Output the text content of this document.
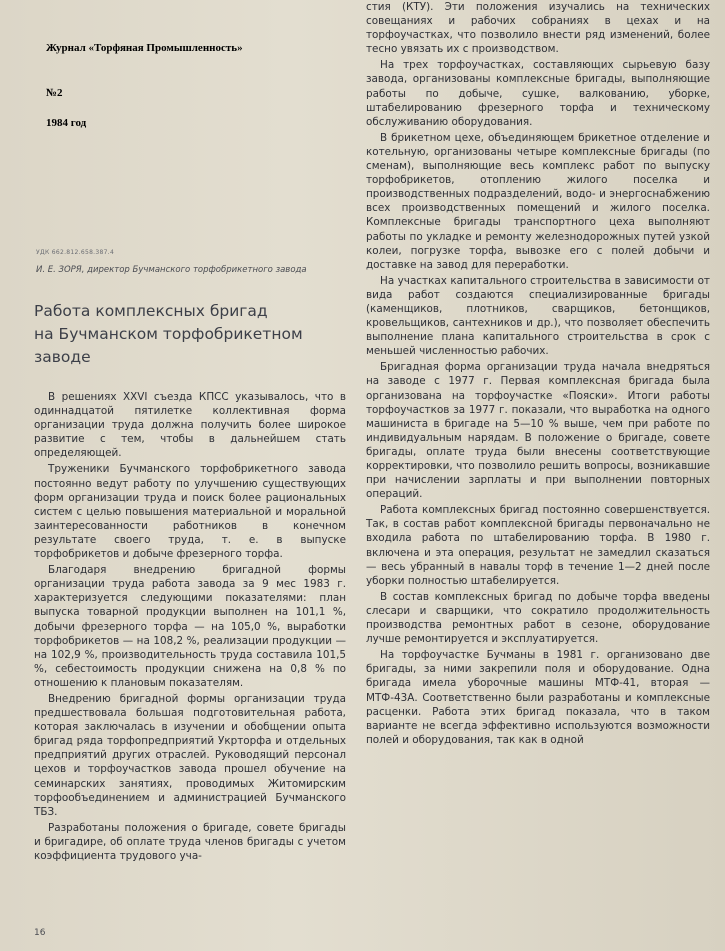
Журнал «Торфяная Промышленность»
№2
1984 год
УДК 662.812.658.387.4
И. Е. ЗОРЯ, директор Бучманского торфобрикетного завода
Работа комплексных бригад
на Бучманском торфобрикетном
заводе

В решениях XXVI съезда КПСС указывалось, что в одиннадцатой пятилетке коллективная форма организации труда должна получить более широкое развитие с тем, чтобы в дальнейшем стать определяющей.

Труженики Бучманского торфобрикетного завода постоянно ведут работу по улучшению существующих форм организации труда и поиск более рациональных систем с целью повышения материальной и моральной заинтересованности работников в конечном результате своего труда, т. е. в выпуске торфобрикетов и добыче фрезерного торфа.

Благодаря внедрению бригадной формы организации труда работа завода за 9 мес 1983 г. характеризуется следующими показателями: план выпуска товарной продукции выполнен на 101,1 %, добычи фрезерного торфа — на 105,0 %, выработки торфобрикетов — на 108,2 %, реализации продукции — на 102,9 %, производительность труда составила 101,5 %, себестоимость продукции снижена на 0,8 % по отношению к плановым показателям.

Внедрению бригадной формы организации труда предшествовала большая подготовительная работа, которая заключалась в изучении и обобщении опыта бригад ряда торфопредприятий Укрторфа и отдельных предприятий других отраслей. Руководящий персонал цехов и торфоучастков завода прошел обучение на семинарских занятиях, проводимых Житомирским торфообъединением и администрацией Бучманского ТБЗ.

Разработаны положения о бригаде, совете бригады и бригадире, об оплате труда членов бригады с учетом коэффициента трудового уча-

стия (КТУ). Эти положения изучались на технических совещаниях и рабочих собраниях в цехах и на торфоучастках, что позволило внести ряд изменений, более тесно увязать их с производством.

На трех торфоучастках, составляющих сырьевую базу завода, организованы комплексные бригады, выполняющие работы по добыче, сушке, валкованию, уборке, штабелированию фрезерного торфа и техническому обслуживанию оборудования.

В брикетном цехе, объединяющем брикетное отделение и котельную, организованы четыре комплексные бригады (по сменам), выполняющие весь комплекс работ по выпуску торфобрикетов, отоплению жилого поселка и производственных подразделений, водо- и энергоснабжению всех производственных помещений и жилого поселка. Комплексные бригады транспортного цеха выполняют работы по укладке и ремонту железнодорожных путей узкой колеи, погрузке торфа, вывозке его с полей добычи и доставке на завод для переработки.

На участках капитального строительства в зависимости от вида работ создаются специализированные бригады (каменщиков, плотников, сварщиков, бетонщиков, кровельщиков, сантехников и др.), что позволяет обеспечить выполнение плана капитального строительства в срок с меньшей численностью рабочих.

Бригадная форма организации труда начала внедряться на заводе с 1977 г. Первая комплексная бригада была организована на торфоучастке «Пояски». Итоги работы торфоучастков за 1977 г. показали, что выработка на одного машиниста в бригаде на 5—10 % выше, чем при работе по индивидуальным нарядам. В положение о бригаде, совете бригады, оплате труда были внесены соответствующие корректировки, что позволило решить вопросы, возникавшие при начислении зарплаты и при выполнении повторных операций.

Работа комплексных бригад постоянно совершенствуется. Так, в состав работ комплексной бригады первоначально не входила работа по штабелированию торфа. В 1980 г. включена и эта операция, результат не замедлил сказаться — весь убранный в навалы торф в течение 1—2 дней после уборки полностью штабелируется.

В состав комплексных бригад по добыче торфа введены слесари и сварщики, что сократило продолжительность производства ремонтных работ в сезоне, оборудование лучше ремонтируется и эксплуатируется.

На торфоучастке Бучманы в 1981 г. организовано две бригады, за ними закрепили поля и оборудование. Одна бригада имела уборочные машины МТФ-41, вторая — МТФ-43А. Соответственно были разработаны и комплексные расценки. Работа этих бригад показала, что в таком варианте не всегда эффективно используются возможности полей и оборудования, так как в одной

16
